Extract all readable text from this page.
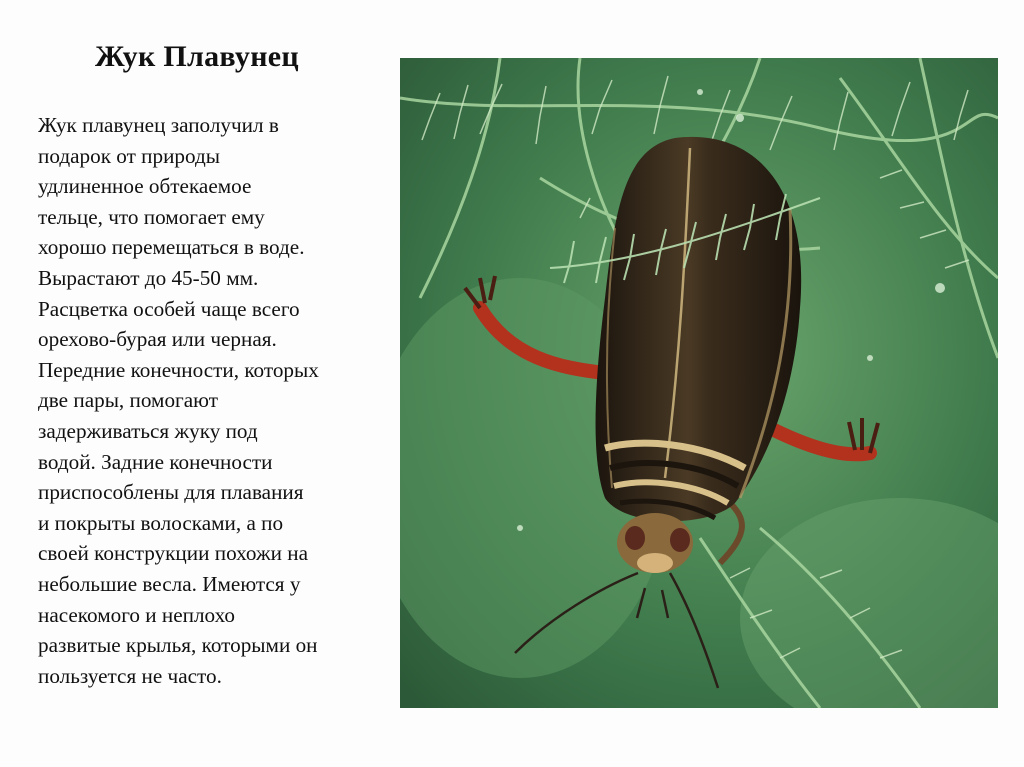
Жук Плавунец
Жук плавунец заполучил в
подарок от природы
удлиненное обтекаемое
тельце, что помогает ему
хорошо перемещаться в воде.
Вырастают до 45-50 мм.
Расцветка особей чаще всего
орехово-бурая или черная.
Передние конечности, которых
две пары, помогают
задерживаться жуку под
водой. Задние конечности
приспособлены для плавания
и покрыты волосками, а по
своей конструкции похожи на
небольшие весла. Имеются у
насекомого и неплохо
развитые крылья, которыми он
пользуется не часто.
